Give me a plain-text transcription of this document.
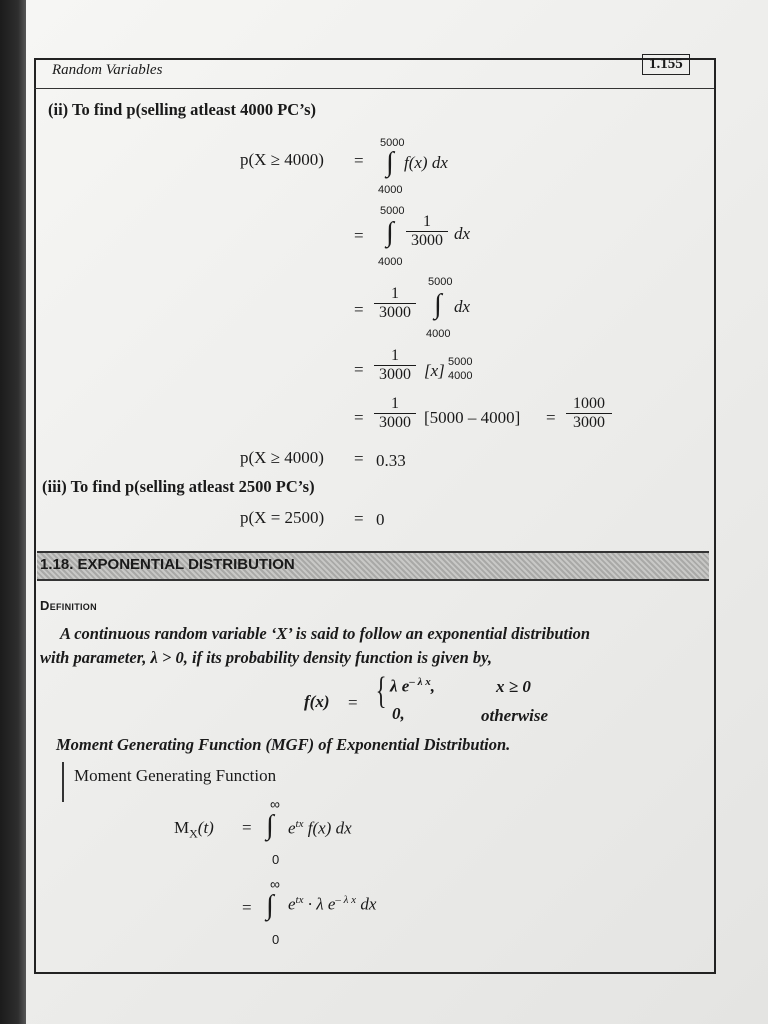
Random Variables	1.155
(ii) To find p(selling atleast 4000 PC’s)
p(X ≥ 4000) =
5000
∫
4000
f(x) dx
=
5000
∫
4000
$\frac{1}{3000}$ dx
= $\frac{1}{3000}$
5000
∫
4000
dx
= $\frac{1}{3000} [x]$ 5000
4000
= $\frac{1}{3000} [5000 - 4000] = \frac{1000}{3000}$
p(X ≥ 4000) = 0.33
(iii) To find p(selling atleast 2500 PC’s)
p(X = 2500) = 0
1.18. EXPONENTIAL DISTRIBUTION
Definition
A continuous random variable ‘X’ is said to follow an exponential distribution
with parameter, λ > 0, if its probability density function is given by,
f(x) = { λ $e^{- \lambda x}$,	x ≥ 0
0,	otherwise
Moment Generating Function (MGF) of Exponential Distribution.
Moment Generating Function
$M_X(t)$ =
∞
∫
0
$e^{tx}$ f(x) dx
=
∞
∫
0
$e^{tx} \cdot \lambda$ $e^{- \lambda x}$ dx
